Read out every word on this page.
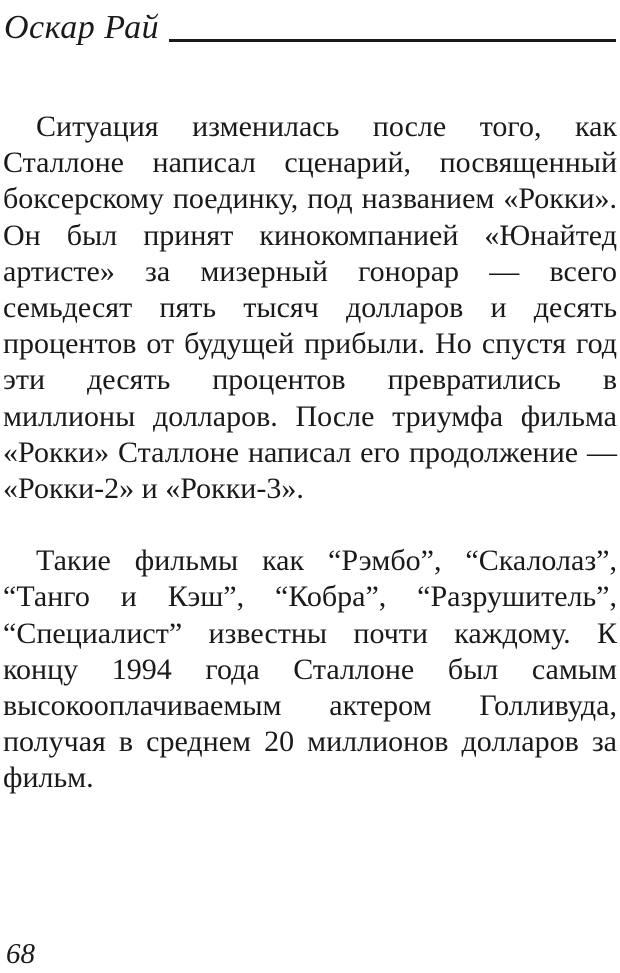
Оскар Рай

Ситуация изменилась после того, как Сталлоне написал сценарий, посвященный боксерскому поединку, под названием «Рокки». Он был принят кинокомпанией «Юнайтед артисте» за мизерный гонорар — всего семьдесят пять тысяч долларов и десять процентов от будущей прибыли. Но спустя год эти десять процентов превратились в миллионы долларов. После триумфа фильма «Рокки» Сталлоне написал его продолжение — «Рокки-2» и «Рокки-3».

Такие фильмы как “Рэмбо”, “Скалолаз”, “Танго и Кэш”, “Кобра”, “Разрушитель”, “Специалист” известны почти каждому. К концу 1994 года Сталлоне был самым высокооплачиваемым актером Голливуда, получая в среднем 20 миллионов долларов за фильм.

68
